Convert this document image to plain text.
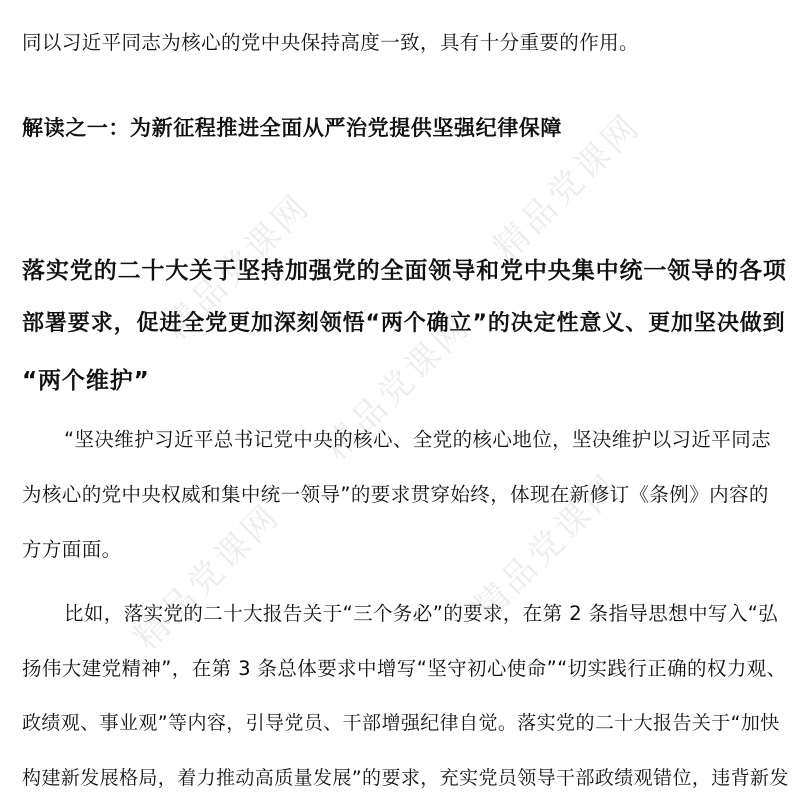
精品党课网	精品党课网
精品党课网
精品党课网	精品党课网
同以习近平同志为核心的党中央保持高度一致，具有十分重要的作用。
解读之一：为新征程推进全面从严治党提供坚强纪律保障
落实党的二十大关于坚持加强党的全面领导和党中央集中统一领导的各项
部署要求，促进全党更加深刻领悟“两个确立”的决定性意义、更加坚决做到
“两个维护”
“坚决维护习近平总书记党中央的核心、全党的核心地位，坚决维护以习近平同志
为核心的党中央权威和集中统一领导”的要求贯穿始终，体现在新修订《条例》内容的
方方面面。
比如，落实党的二十大报告关于“三个务必”的要求，在第 2 条指导思想中写入“弘
扬伟大建党精神”，在第 3 条总体要求中增写“坚守初心使命”“切实践行正确的权力观、
政绩观、事业观”等内容，引导党员、干部增强纪律自觉。落实党的二十大报告关于“加快
构建新发展格局，着力推动高质量发展”的要求，充实党员领导干部政绩观错位，违背新发
